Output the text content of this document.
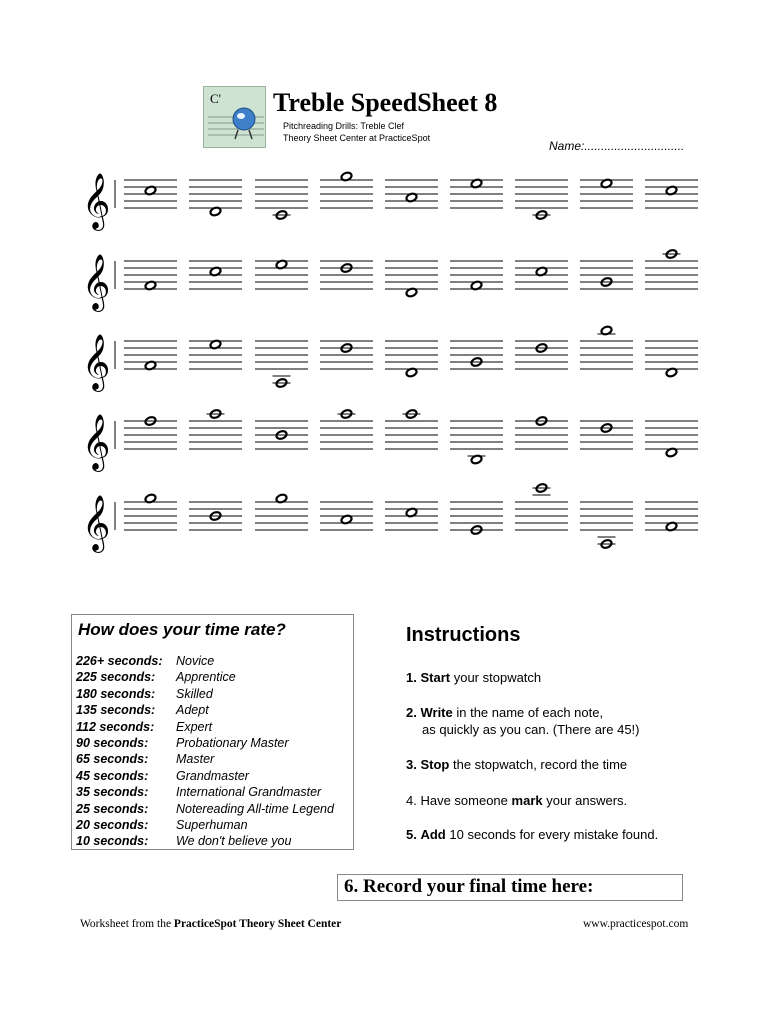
C' Treble SpeedSheet 8
Pitchreading Drills: Treble Clef
Theory Sheet Center at PracticeSpot
Name:..............................
𝄞
𝄞
𝄞
𝄞
𝄞
How does your time rate?
226+ seconds:	Novice
225 seconds:	Apprentice
180 seconds:	Skilled
135 seconds:	Adept
112 seconds:	Expert
90 seconds:	Probationary Master
65 seconds:	Master
45 seconds:	Grandmaster
35 seconds:	International Grandmaster
25 seconds:	Notereading All-time Legend
20 seconds:	Superhuman
10 seconds:	We don't believe you
Instructions
1. Start your stopwatch
2. Write in the name of each note,
as quickly as you can. (There are 45!)
3. Stop the stopwatch, record the time
4. Have someone mark your answers.
5. Add 10 seconds for every mistake found.
6. Record your final time here:
Worksheet from the PracticeSpot Theory Sheet Center	www.practicespot.com
